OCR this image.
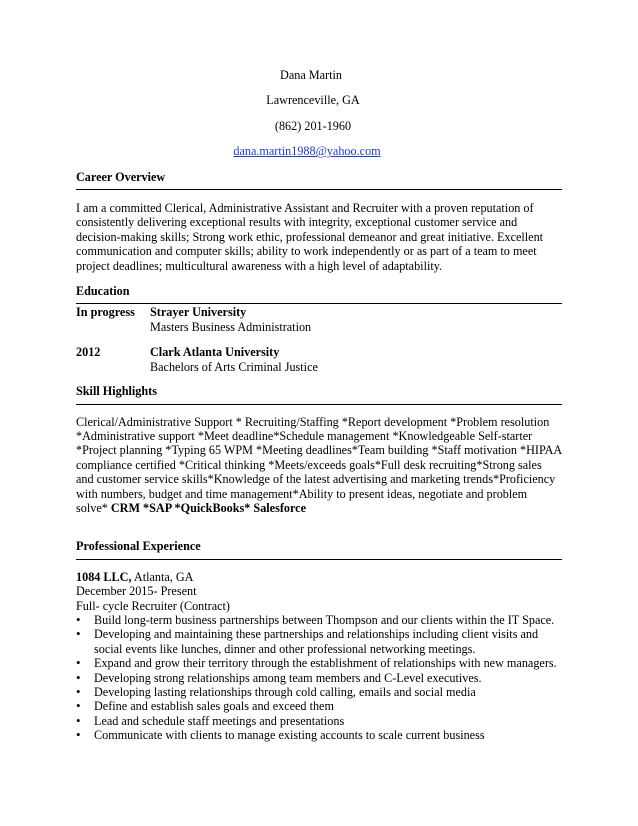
Dana Martin
Lawrenceville, GA
(862) 201-1960
dana.martin1988@yahoo.com
Career Overview

I am a committed Clerical, Administrative Assistant and Recruiter with a proven reputation of consistently delivering exceptional results with integrity, exceptional customer service and decision-making skills; Strong work ethic, professional demeanor and great initiative. Excellent communication and computer skills; ability to work independently or as part of a team to meet project deadlines; multicultural awareness with a high level of adaptability.

Education
In progress	Strayer University
Masters Business Administration
2012	Clark Atlanta University
Bachelors of Arts Criminal Justice
Skill Highlights

Clerical/Administrative Support * Recruiting/Staffing *Report development *Problem resolution *Administrative support *Meet deadline*Schedule management *Knowledgeable Self-starter *Project planning *Typing 65 WPM *Meeting deadlines*Team building *Staff motivation *HIPAA compliance certified *Critical thinking *Meets/exceeds goals*Full desk recruiting*Strong sales and customer service skills*Knowledge of the latest advertising and marketing trends*Proficiency with numbers, budget and time management*Ability to present ideas, negotiate and problem solve* CRM *SAP *QuickBooks* Salesforce

Professional Experience
1084 LLC, Atlanta, GA
December 2015- Present
Full- cycle Recruiter (Contract)
• Build long-term business partnerships between Thompson and our clients within the IT Space.
• Developing and maintaining these partnerships and relationships including client visits and social events like lunches, dinner and other professional networking meetings.
• Expand and grow their territory through the establishment of relationships with new managers.
• Developing strong relationships among team members and C-Level executives.
• Developing lasting relationships through cold calling, emails and social media
• Define and establish sales goals and exceed them
• Lead and schedule staff meetings and presentations
• Communicate with clients to manage existing accounts to scale current business
